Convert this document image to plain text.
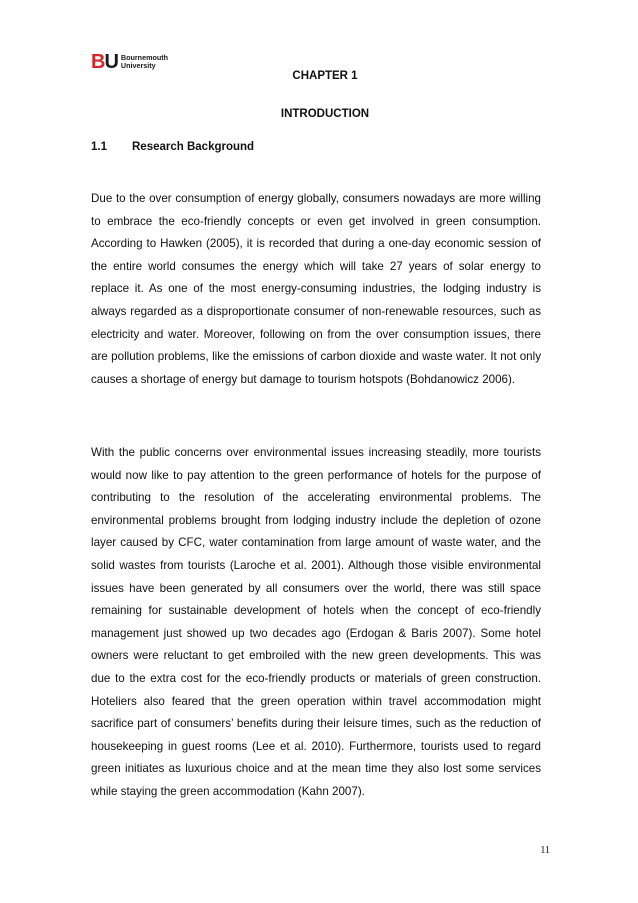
BU Bournemouth
University
CHAPTER 1
INTRODUCTION
1.1 Research Background

Due to the over consumption of energy globally, consumers nowadays are more willing to embrace the eco-friendly concepts or even get involved in green consumption. According to Hawken (2005), it is recorded that during a one-day economic session of the entire world consumes the energy which will take 27 years of solar energy to replace it. As one of the most energy-consuming industries, the lodging industry is always regarded as a disproportionate consumer of non-renewable resources, such as electricity and water. Moreover, following on from the over consumption issues, there are pollution problems, like the emissions of carbon dioxide and waste water. It not only causes a shortage of energy but damage to tourism hotspots (Bohdanowicz 2006).

With the public concerns over environmental issues increasing steadily, more tourists would now like to pay attention to the green performance of hotels for the purpose of contributing to the resolution of the accelerating environmental problems. The environmental problems brought from lodging industry include the depletion of ozone layer caused by CFC, water contamination from large amount of waste water, and the solid wastes from tourists (Laroche et al. 2001). Although those visible environmental issues have been generated by all consumers over the world, there was still space remaining for sustainable development of hotels when the concept of eco-friendly management just showed up two decades ago (Erdogan & Baris 2007). Some hotel owners were reluctant to get embroiled with the new green developments. This was due to the extra cost for the eco-friendly products or materials of green construction. Hoteliers also feared that the green operation within travel accommodation might sacrifice part of consumers’ benefits during their leisure times, such as the reduction of housekeeping in guest rooms (Lee et al. 2010). Furthermore, tourists used to regard green initiates as luxurious choice and at the mean time they also lost some services while staying the green accommodation (Kahn 2007).

11
